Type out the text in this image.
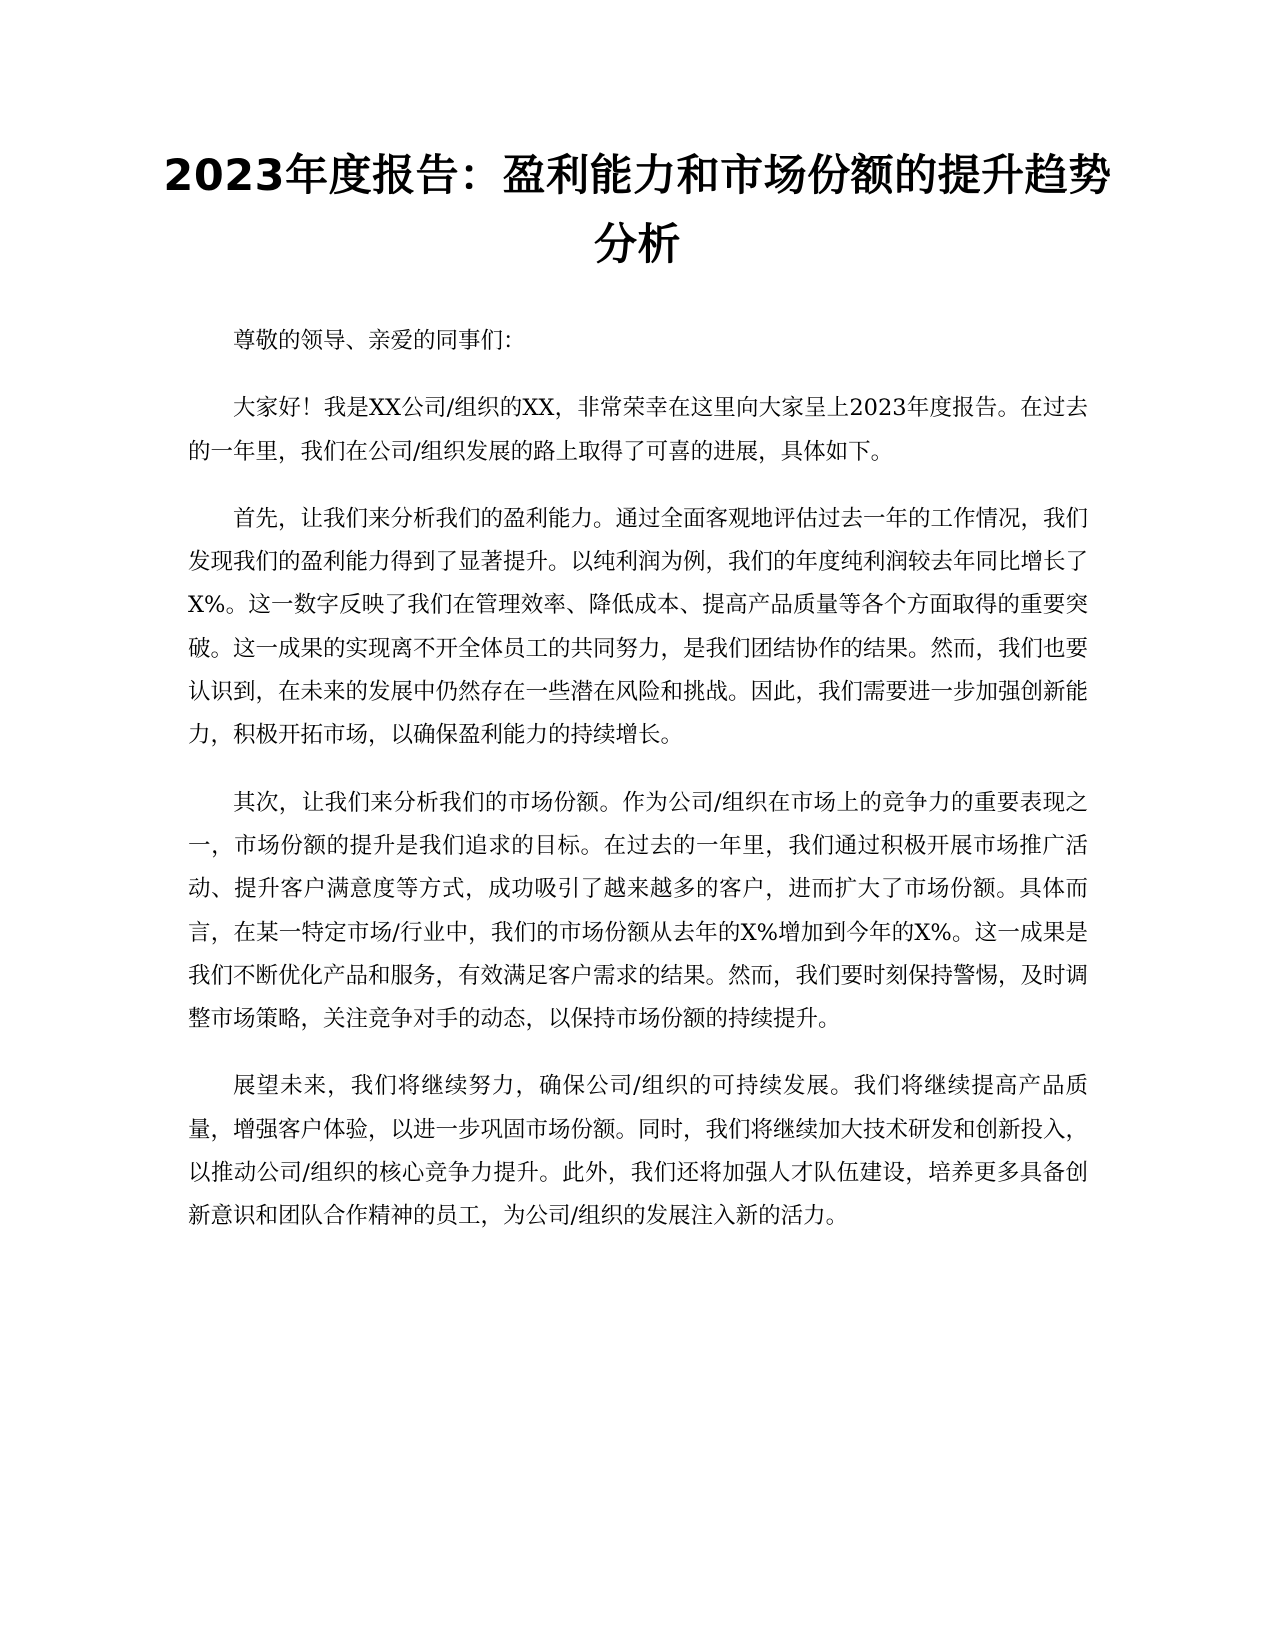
2023年度报告：盈利能力和市场份额的提升趋势分析

尊敬的领导、亲爱的同事们：

大家好！我是XX公司/组织的XX，非常荣幸在这里向大家呈上2023年度报告。在过去的一年里，我们在公司/组织发展的路上取得了可喜的进展，具体如下。

首先，让我们来分析我们的盈利能力。通过全面客观地评估过去一年的工作情况，我们发现我们的盈利能力得到了显著提升。以纯利润为例，我们的年度纯利润较去年同比增长了X%。这一数字反映了我们在管理效率、降低成本、提高产品质量等各个方面取得的重要突破。这一成果的实现离不开全体员工的共同努力，是我们团结协作的结果。然而，我们也要认识到，在未来的发展中仍然存在一些潜在风险和挑战。因此，我们需要进一步加强创新能力，积极开拓市场，以确保盈利能力的持续增长。

其次，让我们来分析我们的市场份额。作为公司/组织在市场上的竞争力的重要表现之一，市场份额的提升是我们追求的目标。在过去的一年里，我们通过积极开展市场推广活动、提升客户满意度等方式，成功吸引了越来越多的客户，进而扩大了市场份额。具体而言，在某一特定市场/行业中，我们的市场份额从去年的X%增加到今年的X%。这一成果是我们不断优化产品和服务，有效满足客户需求的结果。然而，我们要时刻保持警惕，及时调整市场策略，关注竞争对手的动态，以保持市场份额的持续提升。

展望未来，我们将继续努力，确保公司/组织的可持续发展。我们将继续提高产品质量，增强客户体验，以进一步巩固市场份额。同时，我们将继续加大技术研发和创新投入，以推动公司/组织的核心竞争力提升。此外，我们还将加强人才队伍建设，培养更多具备创新意识和团队合作精神的员工，为公司/组织的发展注入新的活力。
